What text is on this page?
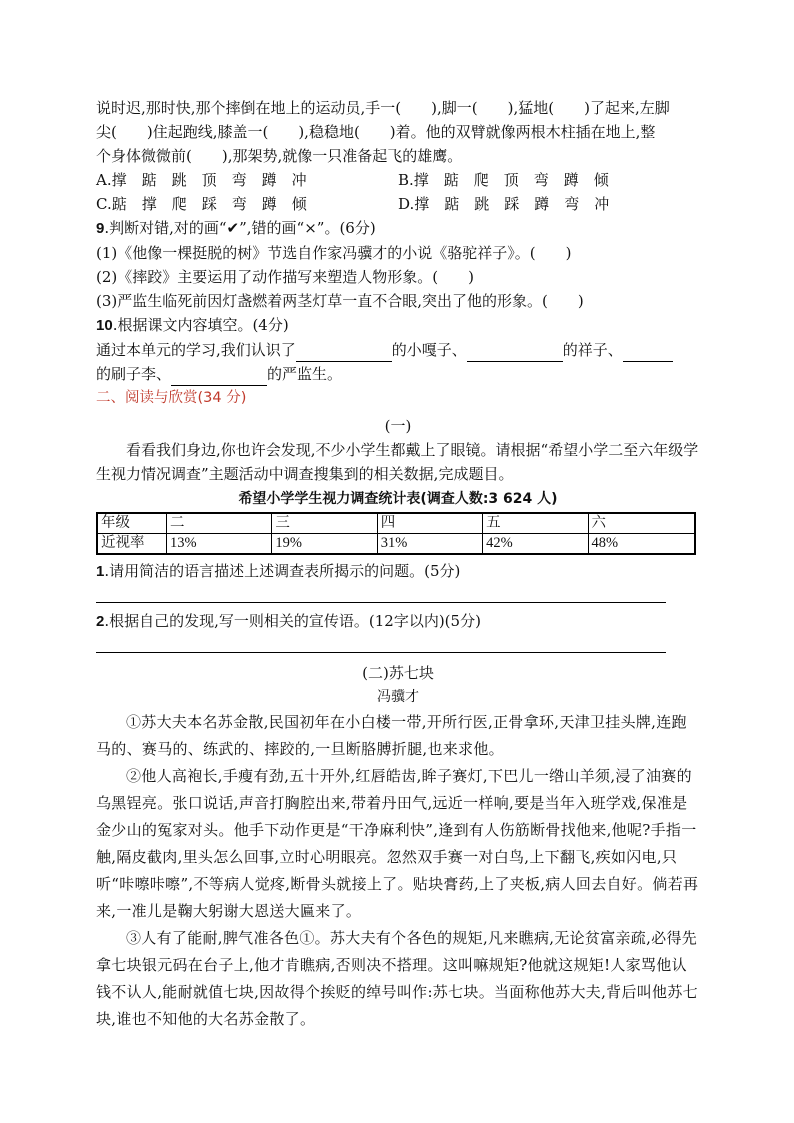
说时迟,那时快,那个摔倒在地上的运动员,手一(　　),脚一(　　),猛地(　　)了起来,左脚
尖(　　)住起跑线,膝盖一(　　),稳稳地(　　)着。他的双臂就像两根木柱插在地上,整
个身体微微前(　　),那架势,就像一只准备起飞的雄鹰。
A.撑　踮　跳　顶　弯　蹲　冲	B.撑　踮　爬　顶　弯　蹲　倾
C.踮　撑　爬　踩　弯　蹲　倾	D.撑　踮　跳　踩　蹲　弯　冲
9.判断对错,对的画“✔”,错的画“×”。(6分)
(1)《他像一棵挺脱的树》节选自作家冯骥才的小说《骆驼祥子》。(　　)
(2)《摔跤》主要运用了动作描写来塑造人物形象。(　　)
(3)严监生临死前因灯盏燃着两茎灯草一直不合眼,突出了他的形象。(　　)
10.根据课文内容填空。(4分)
通过本单元的学习,我们认识了	的小嘎子、	的祥子、
的刷子李、	的严监生。
二、阅读与欣赏(34 分)
(一)
看看我们身边,你也许会发现,不少小学生都戴上了眼镜。请根据“希望小学二至六年级学生视力情况调查”主题活动中调查搜集到的相关数据,完成题目。
希望小学学生视力调查统计表(调查人数:3 624 人)
年级	二	三	四	五	六
近视率	13%	19%	31%	42%	48%
1.请用简洁的语言描述上述调查表所揭示的问题。(5分)
2.根据自己的发现,写一则相关的宣传语。(12字以内)(5分)
(二)苏七块
冯骥才
①苏大夫本名苏金散,民国初年在小白楼一带,开所行医,正骨拿环,天津卫挂头牌,连跑马的、赛马的、练武的、摔跤的,一旦断胳膊折腿,也来求他。
②他人高袍长,手瘦有劲,五十开外,红唇皓齿,眸子赛灯,下巴儿一绺山羊须,浸了油赛的乌黑锃亮。张口说话,声音打胸腔出来,带着丹田气,远近一样响,要是当年入班学戏,保准是金少山的冤家对头。他手下动作更是“干净麻利快”,逢到有人伤筋断骨找他来,他呢?手指一触,隔皮截肉,里头怎么回事,立时心明眼亮。忽然双手赛一对白鸟,上下翻飞,疾如闪电,只听“咔嚓咔嚓”,不等病人觉疼,断骨头就接上了。贴块膏药,上了夹板,病人回去自好。倘若再来,一准儿是鞠大躬谢大恩送大匾来了。
③人有了能耐,脾气准各色①。苏大夫有个各色的规矩,凡来瞧病,无论贫富亲疏,必得先拿七块银元码在台子上,他才肯瞧病,否则决不搭理。这叫嘛规矩?他就这规矩!人家骂他认钱不认人,能耐就值七块,因故得个挨贬的绰号叫作:苏七块。当面称他苏大夫,背后叫他苏七块,谁也不知他的大名苏金散了。
